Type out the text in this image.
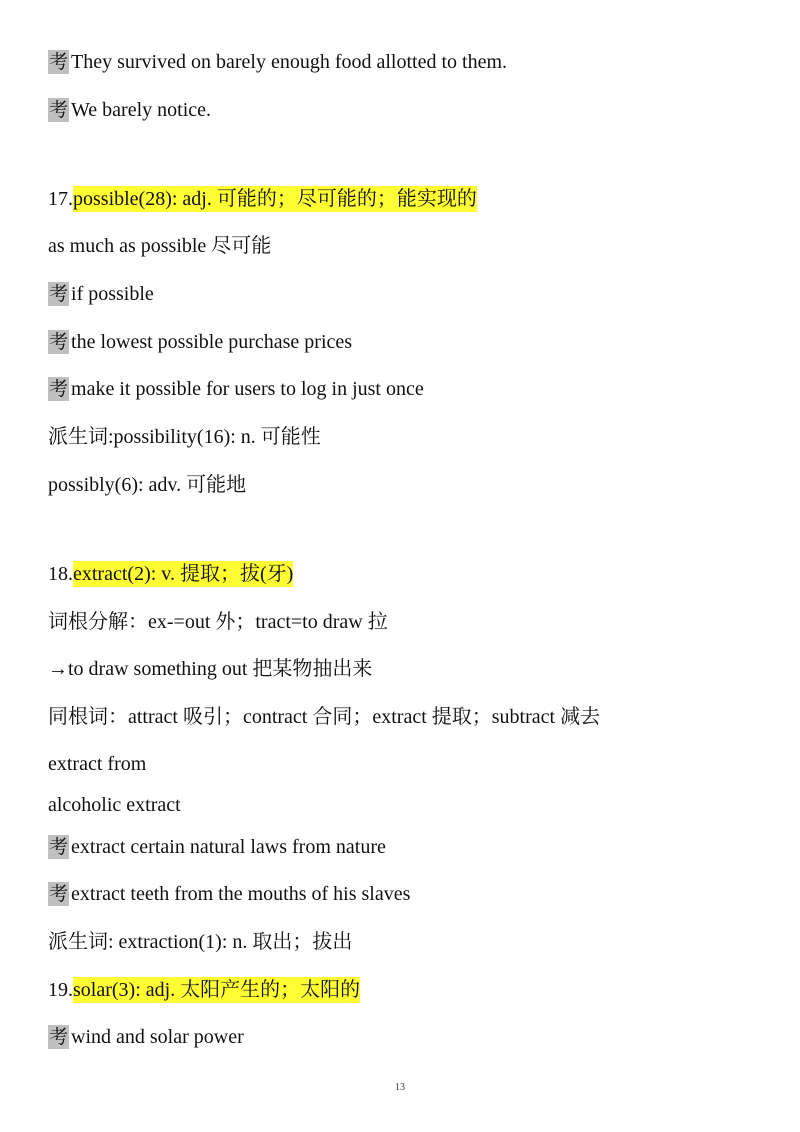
考 They survived on barely enough food allotted to them.
考 We barely notice.
17.possible(28): adj. 可能的；尽可能的；能实现的
as much as possible 尽可能
考 if possible
考 the lowest possible purchase prices
考 make it possible for users to log in just once
派生词:possibility(16): n. 可能性
possibly(6): adv. 可能地
18.extract(2): v. 提取；拔(牙)
词根分解：ex-=out 外；tract=to draw 拉
→to draw something out 把某物抽出来
同根词：attract 吸引；contract 合同；extract 提取；subtract 减去
extract from
alcoholic extract
考 extract certain natural laws from nature
考 extract teeth from the mouths of his slaves
派生词: extraction(1): n. 取出；拔出
19.solar(3): adj. 太阳产生的；太阳的
考 wind and solar power
13
